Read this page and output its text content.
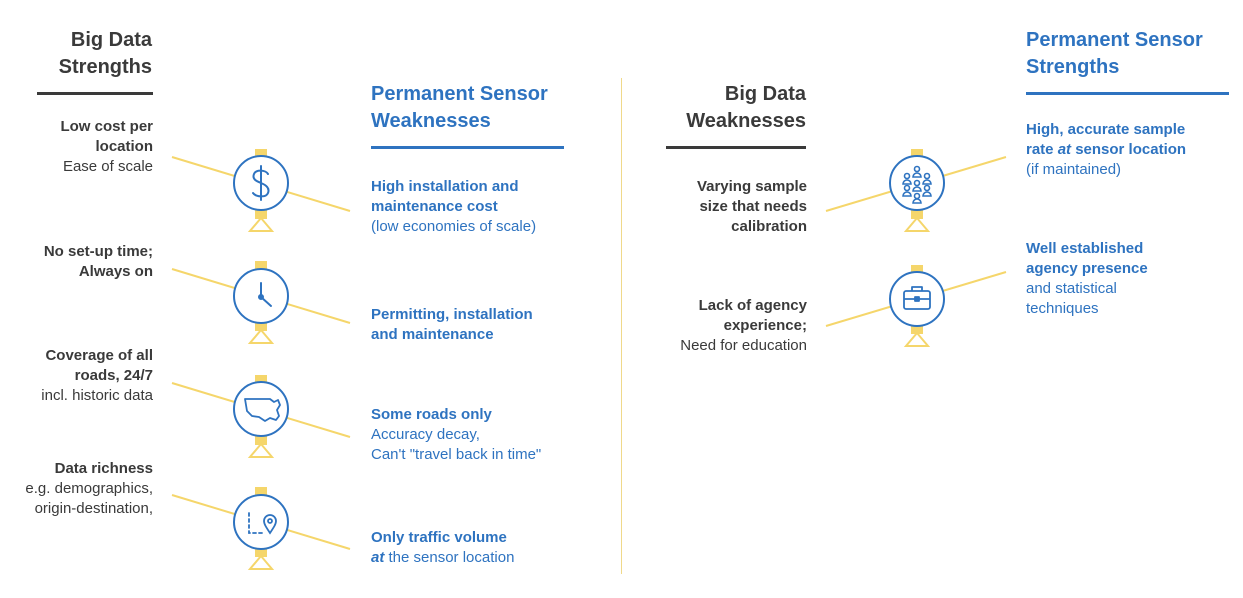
Big Data
Strengths
Permanent Sensor
Weaknesses
Big Data
Weaknesses
Permanent Sensor
Strengths
Low cost per
location
Ease of scale
No set-up time;
Always on
Coverage of all
roads, 24/7
incl. historic data
Data richness
e.g. demographics,
origin-destination,
High installation and
maintenance cost
(low economies of scale)
Permitting, installation
and maintenance
Some roads only
Accuracy decay,
Can't "travel back in time"
Only traffic volume
at the sensor location
Varying sample
size that needs
calibration
Lack of agency
experience;
Need for education
High, accurate sample
rate at sensor location
(if maintained)
Well established
agency presence
and statistical
techniques
